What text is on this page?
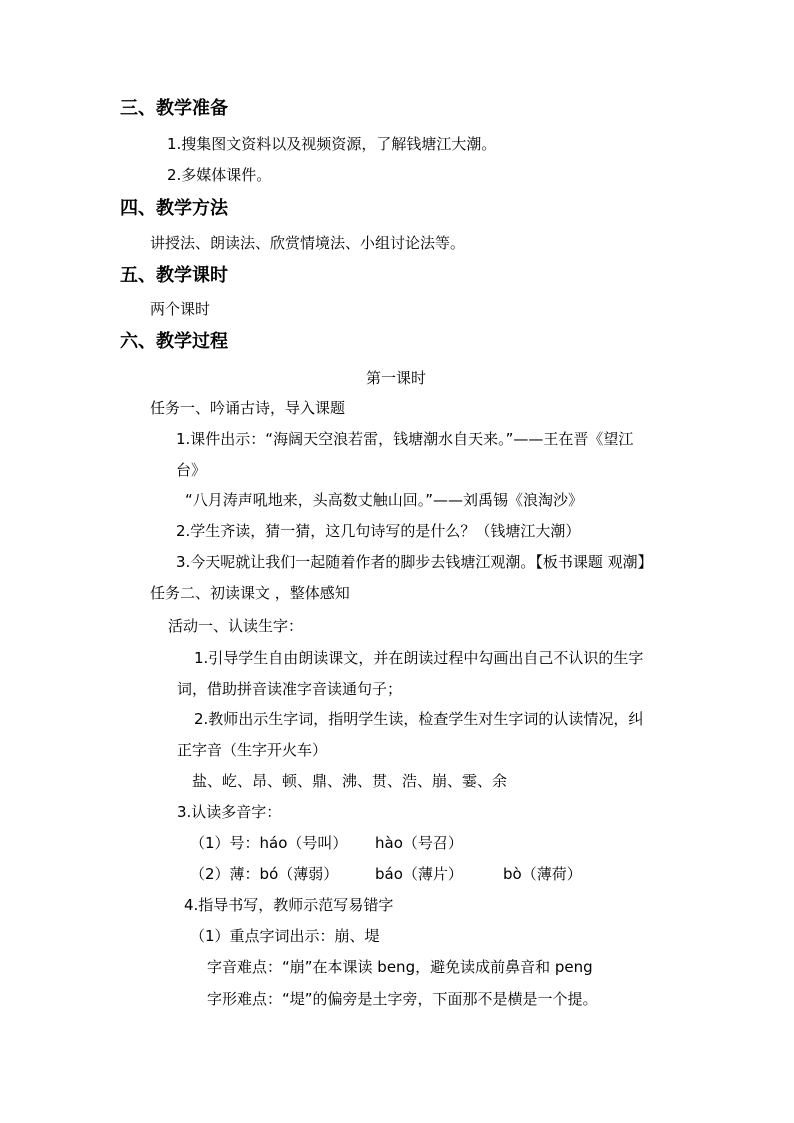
三、教学准备
1.搜集图文资料以及视频资源，了解钱塘江大潮。
2.多媒体课件。
四、教学方法
讲授法、朗读法、欣赏情境法、小组讨论法等。
五、教学课时
两个课时
六、教学过程
第一课时
任务一、吟诵古诗，导入课题
1.课件出示：“海阔天空浪若雷，钱塘潮水自天来。”——王在晋《望江
台》
“八月涛声吼地来，头高数丈触山回。”——刘禹锡《浪淘沙》
2.学生齐读，猜一猜，这几句诗写的是什么？（钱塘江大潮）
3.今天呢就让我们一起随着作者的脚步去钱塘江观潮。【板书课题 观潮】
任务二、初读课文 ，整体感知
活动一、认读生字：
1.引导学生自由朗读课文，并在朗读过程中勾画出自己不认识的生字
词，借助拼音读准字音读通句子；
2.教师出示生字词，指明学生读，检查学生对生字词的认读情况，纠
正字音（生字开火车）
盐、屹、昂、顿、鼎、沸、贯、浩、崩、霎、余
3.认读多音字：
（1）号：háo（号叫） hào（号召）
（2）薄：bó（薄弱） báo（薄片）	bò（薄荷）
4.指导书写，教师示范写易错字
（1）重点字词出示：崩、堤
字音难点：“崩”在本课读 beng，避免读成前鼻音和 peng
字形难点：“堤”的偏旁是土字旁，下面那不是横是一个提。
